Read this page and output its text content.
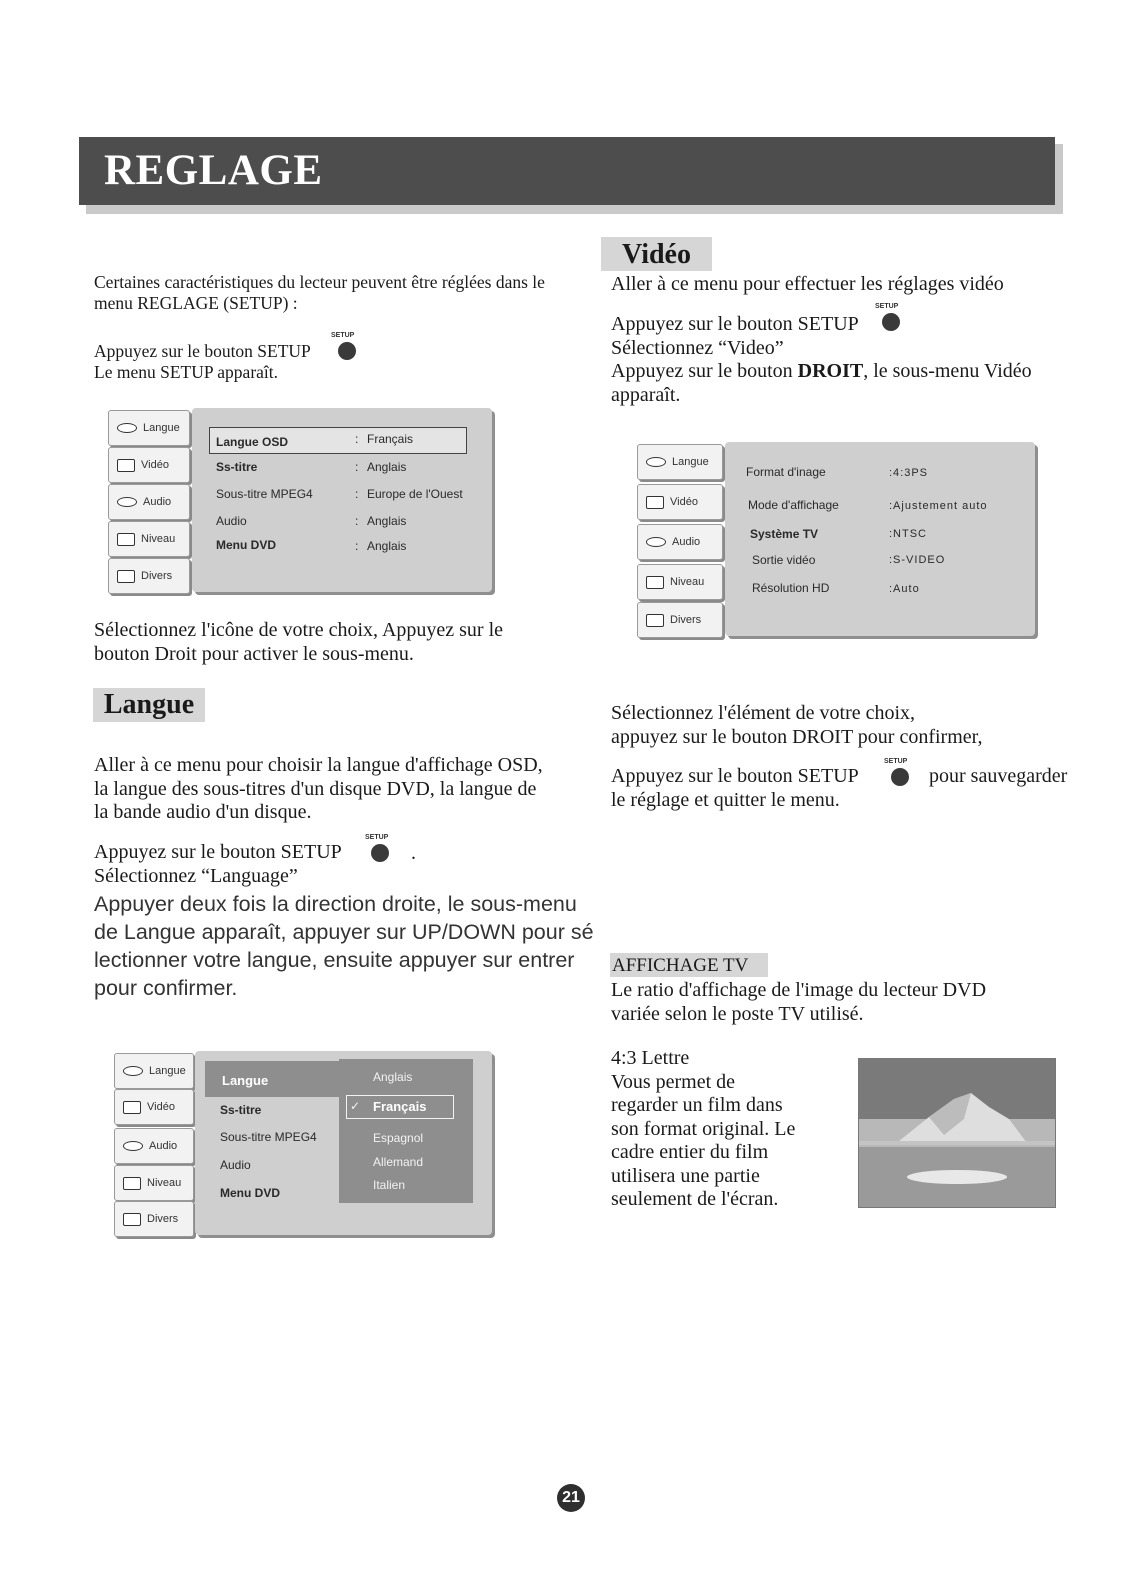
REGLAGE
Certaines caractéristiques du lecteur peuvent être réglées dans le
menu REGLAGE (SETUP) :
Appuyez sur le bouton SETUP
Le menu SETUP apparaît.
SETUP
Langue
Vidéo
Audio
Niveau
Divers
Langue OSD
Ss-titre
Sous-titre MPEG4
Audio
Menu DVD
:
:
:
:
:
Français
Anglais
Europe de l'Ouest
Anglais
Anglais
Sélectionnez l'icône de votre choix, Appuyez sur le
bouton Droit pour activer le sous-menu.
Langue
Aller à ce menu pour choisir la langue d'affichage OSD,
la langue des sous-titres d'un disque DVD, la langue de
la bande audio d'un disque.
Appuyez sur le bouton SETUP
Sélectionnez “Language”
SETUP
.
Appuyer deux fois la direction droite, le sous-menu
de Langue apparaît, appuyer sur UP/DOWN pour sé
lectionner votre langue, ensuite appuyer sur entrer
pour confirmer.
Langue
Vidéo
Audio
Niveau
Divers
Langue
Ss-titre
Sous-titre MPEG4
Audio
Menu DVD
Anglais
✓ Français
Espagnol
Allemand
Italien
Vidéo
Aller à ce menu pour effectuer les réglages vidéo
SETUP
Appuyez sur le bouton SETUP
Sélectionnez “Video”
Appuyez sur le bouton DROIT, le sous-menu Vidéo
apparaît.
Langue
Vidéo
Audio
Niveau
Divers
Format d'inage
Mode d'affichage
Système TV
Sortie vidéo
Résolution HD
:4:3PS
:Ajustement auto
:NTSC
:S-VIDEO
:Auto
Sélectionnez l'élément de votre choix,
appuyez sur le bouton DROIT pour confirmer,
Appuyez sur le bouton SETUP
le réglage et quitter le menu.
SETUP
pour sauvegarder
AFFICHAGE TV
Le ratio d'affichage de l'image du lecteur DVD
variée selon le poste TV utilisé.
4:3 Lettre
Vous permet de
regarder un film dans
son format original. Le
cadre entier du film
utilisera une partie
seulement de l'écran.
21
